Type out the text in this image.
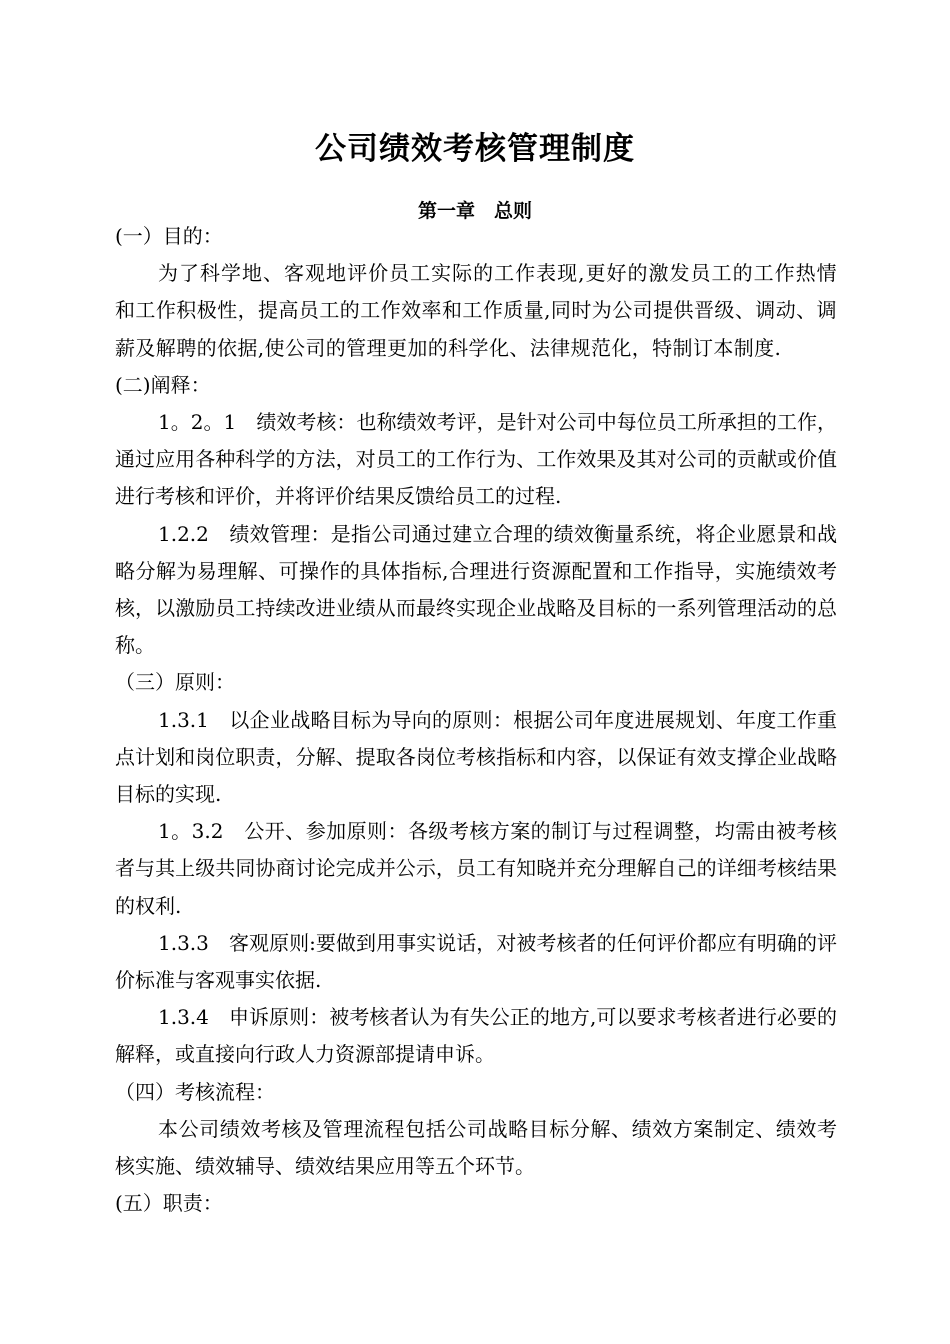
公司绩效考核管理制度
第一章　总则

(一）目的：

为了科学地、客观地评价员工实际的工作表现,更好的激发员工的工作热情和工作积极性，提高员工的工作效率和工作质量,同时为公司提供晋级、调动、调薪及解聘的依据,使公司的管理更加的科学化、法律规范化，特制订本制度.

(二)阐释：

1。2。1　绩效考核：也称绩效考评，是针对公司中每位员工所承担的工作，通过应用各种科学的方法，对员工的工作行为、工作效果及其对公司的贡献或价值进行考核和评价，并将评价结果反馈给员工的过程.

1.2.2　绩效管理：是指公司通过建立合理的绩效衡量系统，将企业愿景和战略分解为易理解、可操作的具体指标,合理进行资源配置和工作指导，实施绩效考核，以激励员工持续改进业绩从而最终实现企业战略及目标的一系列管理活动的总称。

（三）原则：

1.3.1　以企业战略目标为导向的原则：根据公司年度进展规划、年度工作重点计划和岗位职责，分解、提取各岗位考核指标和内容，以保证有效支撑企业战略目标的实现.

1。3.2　公开、参加原则：各级考核方案的制订与过程调整，均需由被考核者与其上级共同协商讨论完成并公示，员工有知晓并充分理解自己的详细考核结果的权利.

1.3.3　客观原则:要做到用事实说话，对被考核者的任何评价都应有明确的评价标准与客观事实依据.

1.3.4　申诉原则：被考核者认为有失公正的地方,可以要求考核者进行必要的解释，或直接向行政人力资源部提请申诉。

（四）考核流程：

本公司绩效考核及管理流程包括公司战略目标分解、绩效方案制定、绩效考核实施、绩效辅导、绩效结果应用等五个环节。

(五）职责：
